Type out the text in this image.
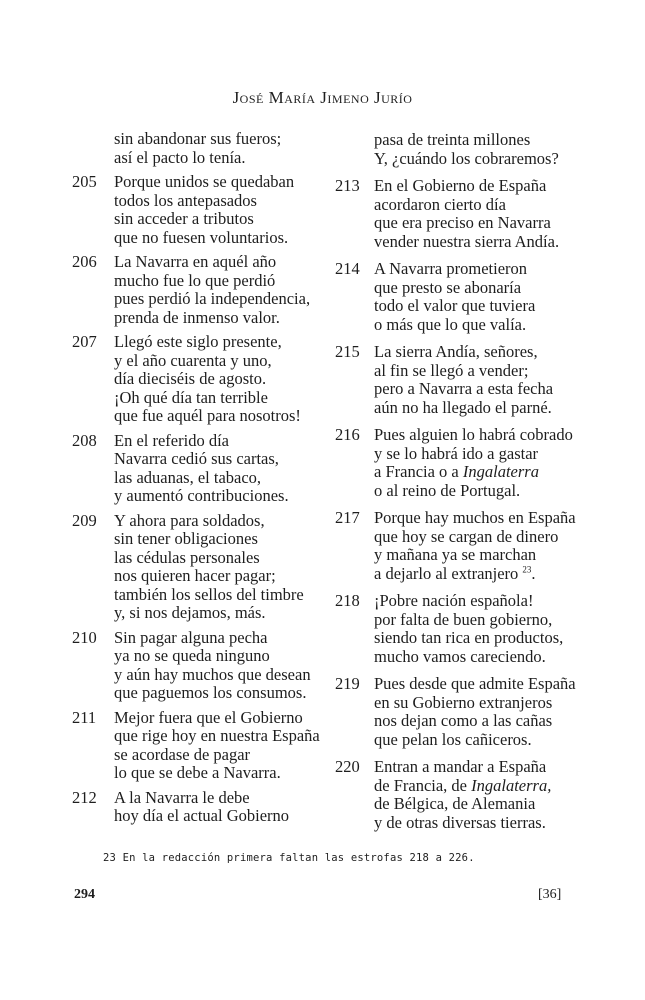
José María Jimeno Jurío
sin abandonar sus fueros;
así el pacto lo tenía.
205 Porque unidos se quedaban
todos los antepasados
sin acceder a tributos
que no fuesen voluntarios.
206 La Navarra en aquél año
mucho fue lo que perdió
pues perdió la independencia,
prenda de inmenso valor.
207 Llegó este siglo presente,
y el año cuarenta y uno,
día dieciséis de agosto.
¡Oh qué día tan terrible
que fue aquél para nosotros!
208 En el referido día
Navarra cedió sus cartas,
las aduanas, el tabaco,
y aumentó contribuciones.
209 Y ahora para soldados,
sin tener obligaciones
las cédulas personales
nos quieren hacer pagar;
también los sellos del timbre
y, si nos dejamos, más.
210 Sin pagar alguna pecha
ya no se queda ninguno
y aún hay muchos que desean
que paguemos los consumos.
211 Mejor fuera que el Gobierno
que rige hoy en nuestra España
se acordase de pagar
lo que se debe a Navarra.
212 A la Navarra le debe
hoy día el actual Gobierno
pasa de treinta millones
Y, ¿cuándo los cobraremos?
213 En el Gobierno de España
acordaron cierto día
que era preciso en Navarra
vender nuestra sierra Andía.
214 A Navarra prometieron
que presto se abonaría
todo el valor que tuviera
o más que lo que valía.
215 La sierra Andía, señores,
al fin se llegó a vender;
pero a Navarra a esta fecha
aún no ha llegado el parné.
216 Pues alguien lo habrá cobrado
y se lo habrá ido a gastar
a Francia o a Ingalaterra
o al reino de Portugal.
217 Porque hay muchos en España
que hoy se cargan de dinero
y mañana ya se marchan
a dejarlo al extranjero $^{23}$.
218 ¡Pobre nación española!
por falta de buen gobierno,
siendo tan rica en productos,
mucho vamos careciendo.
219 Pues desde que admite España
en su Gobierno extranjeros
nos dejan como a las cañas
que pelan los cañiceros.
220 Entran a mandar a España
de Francia, de Ingalaterra,
de Bélgica, de Alemania
y de otras diversas tierras.
23 En la redacción primera faltan las estrofas 218 a 226.
294	[36]
